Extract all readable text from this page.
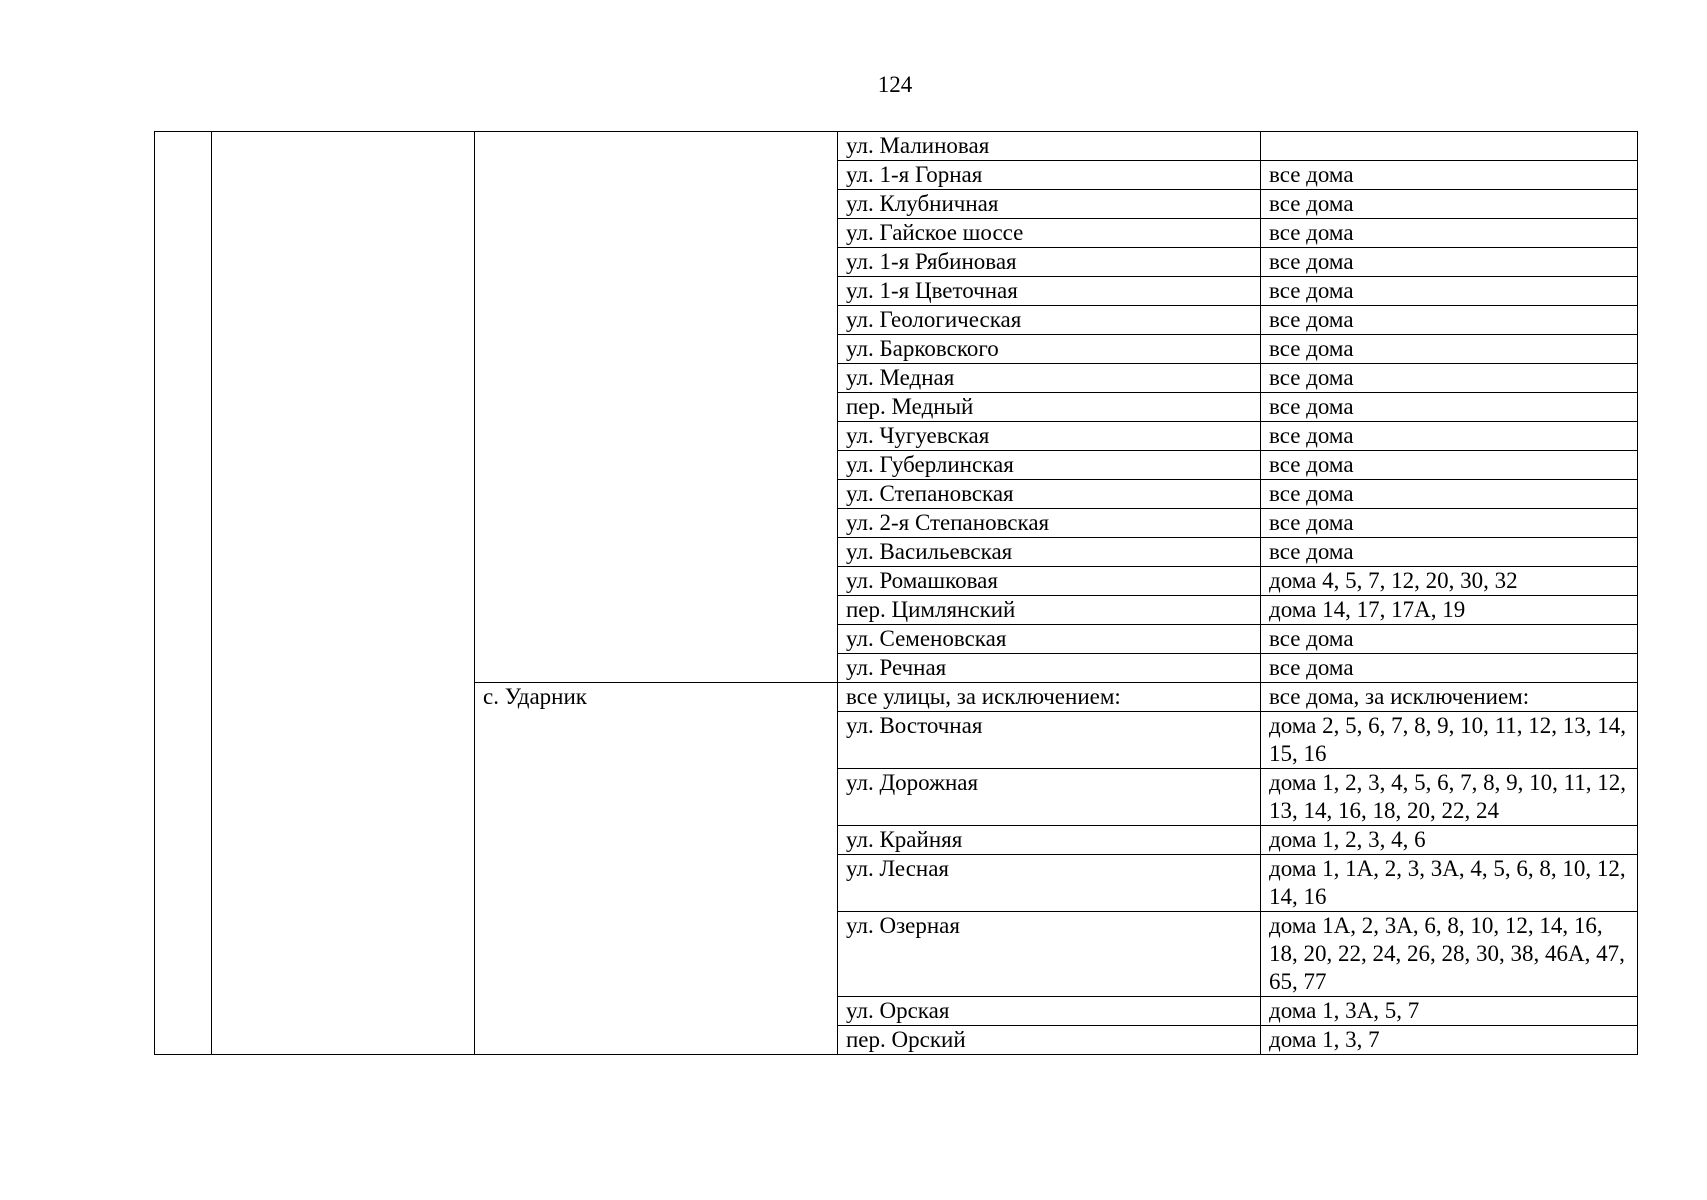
124
			ул. Малиновая	
			ул. 1-я Горная	все дома
			ул. Клубничная	все дома
			ул. Гайское шоссе	все дома
			ул. 1-я Рябиновая	все дома
			ул. 1-я Цветочная	все дома
			ул. Геологическая	все дома
			ул. Барковского	все дома
			ул. Медная	все дома
			пер. Медный	все дома
			ул. Чугуевская	все дома
			ул. Губерлинская	все дома
			ул. Степановская	все дома
			ул. 2-я Степановская	все дома
			ул. Васильевская	все дома
			ул. Ромашковая	дома 4, 5, 7, 12, 20, 30, 32
			пер. Цимлянский	дома 14, 17, 17А, 19
			ул. Семеновская	все дома
			ул. Речная	все дома
		с. Ударник	все улицы, за исключением:	все дома, за исключением:
			ул. Восточная	дома 2, 5, 6, 7, 8, 9, 10, 11, 12, 13, 14, 15, 16
			ул. Дорожная	дома 1, 2, 3, 4, 5, 6, 7, 8, 9, 10, 11, 12, 13, 14, 16, 18, 20, 22, 24
			ул. Крайняя	дома 1, 2, 3, 4, 6
			ул. Лесная	дома 1, 1А, 2, 3, 3А, 4, 5, 6, 8, 10, 12, 14, 16
			ул. Озерная	дома 1А, 2, 3А, 6, 8, 10, 12, 14, 16, 18, 20, 22, 24, 26, 28, 30, 38, 46А, 47, 65, 77
			ул. Орская	дома 1, 3А, 5, 7
			пер. Орский	дома 1, 3, 7
